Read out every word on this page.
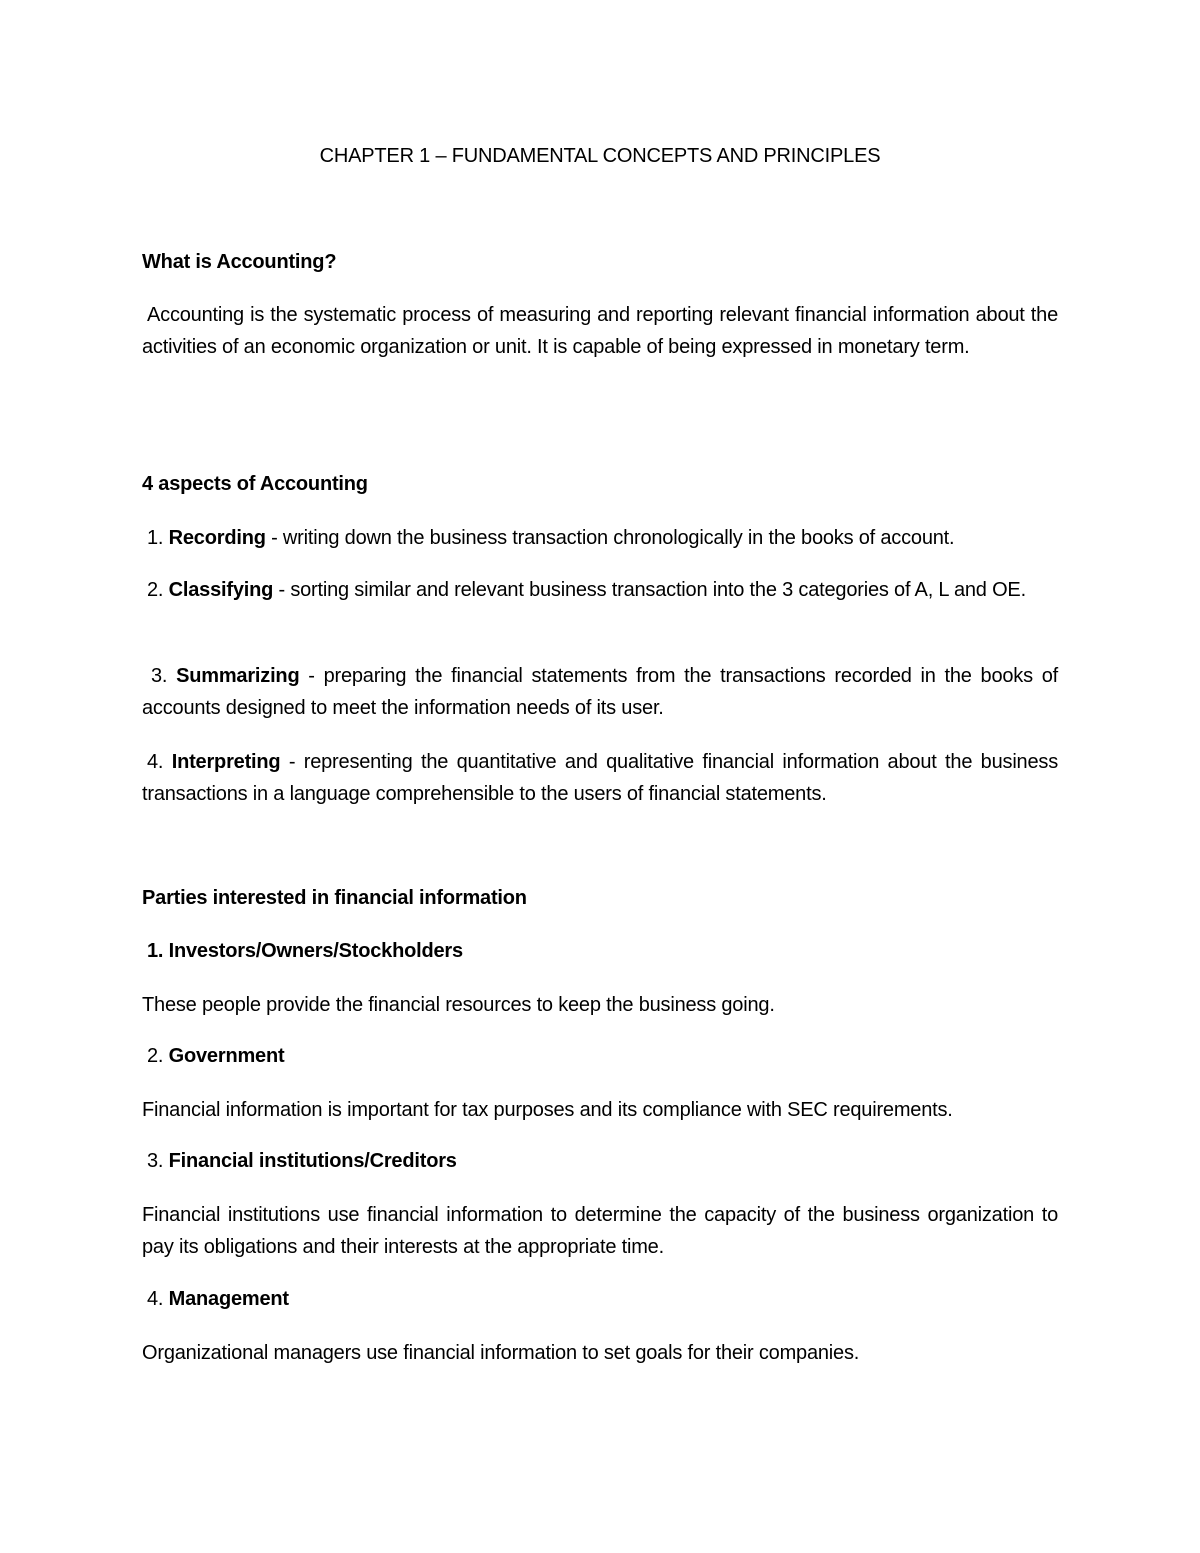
CHAPTER 1 – FUNDAMENTAL CONCEPTS AND PRINCIPLES
What is Accounting?
Accounting is the systematic process of measuring and reporting relevant financial information about the activities of an economic organization or unit. It is capable of being expressed in monetary term.
4 aspects of Accounting
1. Recording - writing down the business transaction chronologically in the books of account.
2. Classifying - sorting similar and relevant business transaction into the 3 categories of A, L and OE.
3. Summarizing - preparing the financial statements from the transactions recorded in the books of accounts designed to meet the information needs of its user.
4. Interpreting - representing the quantitative and qualitative financial information about the business transactions in a language comprehensible to the users of financial statements.
Parties interested in financial information
1. Investors/Owners/Stockholders
These people provide the financial resources to keep the business going.
2. Government
Financial information is important for tax purposes and its compliance with SEC requirements.
3. Financial institutions/Creditors
Financial institutions use financial information to determine the capacity of the business organization to pay its obligations and their interests at the appropriate time.
4. Management
Organizational managers use financial information to set goals for their companies.
